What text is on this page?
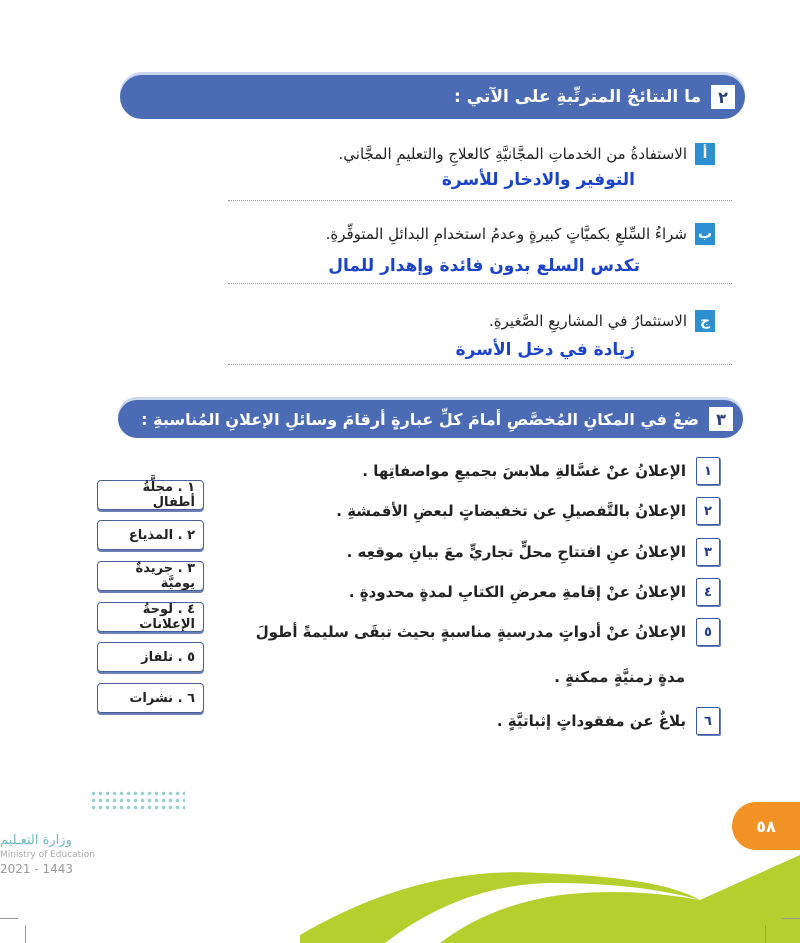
٢
ما النتائجُ المترتِّبةِ على الآتي :
أ
الاستفادةُ من الخدماتِ المجَّانيَّةِ كالعلاجِ والتعليمِ المجَّاني.
التوفير والادخار للأسرة
ب
شراءُ السِّلعِ بكميَّاتٍ كبيرةٍ وعدمُ استخدامِ البدائلِ المتوفِّرةِ.
تكدس السلع بدون فائدة وإهدار للمال
ج
الاستثمارُ في المشاريعِ الصَّغيرةِ.
زيادة في دخل الأسرة
٣
ضعْ في المكانِ المُخصَّصِ أمامَ كلِّ عبارةٍ أرقامَ وسائلِ الإعلانِ المُناسبةِ :
١
الإعلانُ عنْ غسَّالةِ ملابسَ بجميعِ مواصفاتِها .
٢
الإعلانُ بالتَّفصيلِ عن تخفيضاتٍ لبعضِ الأقمشةِ .
٣
الإعلانُ عنِ افتتاحِ محلٍّ تجاريٍّ معَ بيانِ موقعِه .
٤
الإعلانُ عنْ إقامةِ معرضِ الكتابِ لمدةٍ محدودةٍ .
٥
الإعلانُ عنْ أدواتٍ مدرسيةٍ مناسبةٍ بحيث تبقَى سليمةً أطولَ
مدةٍ زمنيَّةٍ ممكنةٍ .
٦
بلاغٌ عن مفقوداتٍ إثباتيَّةٍ .
١ . مجلَّةُ أطفال
٢ . المذياع
٣ . جريدةٌ يوميَّة
٤ . لوحةُ الإعلانات
٥ . تلفاز
٦ . نشرات
وزارة التعـليم
Ministry of Education
2021 - 1443
٥٨
